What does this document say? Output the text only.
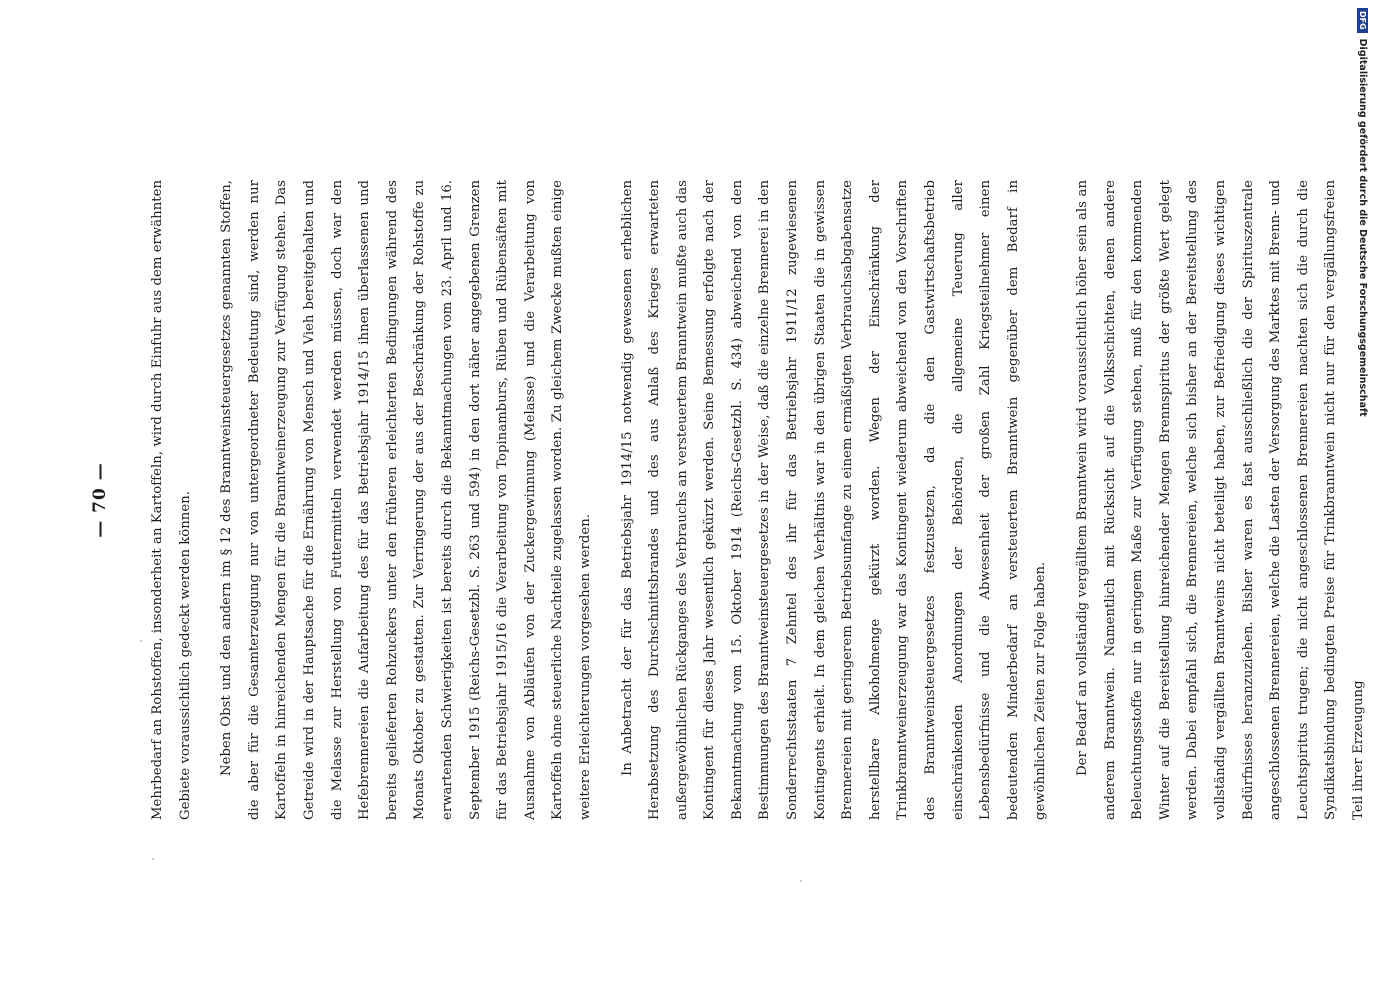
— 70 —	Mehrbedarf an Rohstoffen, insonderheit an Kartoffeln, wird durch Einfuhr aus dem erwähnten Gebiete voraussichtlich gedeckt werden können.	Neben Obst und den andern im § 12 des Branntweinsteuergesetzes genannten Stoffen, die aber für die Gesamterzeugung nur von untergeordneter Bedeutung sind, werden nur Kartoffeln in hinreichenden Mengen für die Branntweinerzeugung zur Verfügung stehen. Das Getreide wird in der Hauptsache für die Ernährung von Mensch und Vieh bereitgehalten und die Melasse zur Herstellung von Futtermitteln verwendet werden müssen, doch war den Hefebrennereien die Aufarbeitung des für das Betriebsjahr 1914/15 ihnen überlassenen und bereits gelieferten Rohzuckers unter den früheren erleichterten Bedingungen während des Monats Oktober zu gestatten. Zur Verringerung der aus der Beschränkung der Rohstoffe zu erwartenden Schwierigkeiten ist bereits durch die Bekanntmachungen vom 23. April und 16. September 1915 (Reichs-Gesetzbl. S. 263 und 594) in den dort näher angegebenen Grenzen für das Betriebsjahr 1915/16 die Verarbeitung von Topinamburs, Rüben und Rübensäften mit Ausnahme von Abläufen von der Zuckergewinnung (Melasse) und die Verarbeitung von Kartoffeln ohne steuerliche Nachteile zugelassen worden. Zu gleichem Zwecke mußten einige weitere Erleichterungen vorgesehen werden.	In Anbetracht der für das Betriebsjahr 1914/15 notwendig gewesenen erheblichen Herabsetzung des Durchschnittsbrandes und des aus Anlaß des Krieges erwarteten außergewöhnlichen Rückganges des Verbrauchs an versteuertem Branntwein mußte auch das Kontingent für dieses Jahr wesentlich gekürzt werden. Seine Bemessung erfolgte nach der Bekanntmachung vom 15. Oktober 1914 (Reichs-Gesetzbl. S. 434) abweichend von den Bestimmungen des Branntweinsteuergesetzes in der Weise, daß die einzelne Brennerei in den Sonderrechtsstaaten 7 Zehntel des ihr für das Betriebsjahr 1911/12 zugewiesenen Kontingents erhielt. In dem gleichen Verhältnis war in den übrigen Staaten die in gewissen Brennereien mit geringerem Betriebsumfange zu einem ermäßigten Verbrauchsabgabensatze herstellbare Alkoholmenge gekürzt worden. Wegen der Einschränkung der Trinkbranntweinerzeugung war das Kontingent wiederum abweichend von den Vorschriften des Branntweinsteuergesetzes festzusetzen, da die den Gastwirtschaftsbetrieb einschränkenden Anordnungen der Behörden, die allgemeine Teuerung aller Lebensbedürfnisse und die Abwesenheit der großen Zahl Kriegsteilnehmer einen bedeutenden Minderbedarf an versteuertem Branntwein gegenüber dem Bedarf in gewöhnlichen Zeiten zur Folge haben.	Der Bedarf an vollständig vergälltem Branntwein wird voraussichtlich höher sein als an anderem Branntwein. Namentlich mit Rücksicht auf die Volksschichten, denen andere Beleuchtungsstoffe nur in geringem Maße zur Verfügung stehen, muß für den kommenden Winter auf die Bereitstellung hinreichender Mengen Brennspiritus der größte Wert gelegt werden. Dabei empfahl sich, die Brennereien, welche sich bisher an der Bereitstellung des vollständig vergällten Branntweins nicht beteiligt haben, zur Befriedigung dieses wichtigen Bedürfnisses heranzuziehen. Bisher waren es fast ausschließlich die der Spirituszentrale angeschlossenen Brennereien, welche die Lasten der Versorgung des Marktes mit Brenn- und Leuchtspiritus trugen; die nicht angeschlossenen Brennereien machten sich die durch die Syndikatsbindung bedingten Preise für Trinkbranntwein nicht nur für den vergällungsfreien Teil ihrer Erzeugung

DFG
Digitalisierung gefördert durch die Deutsche Forschungsgemeinschaft
